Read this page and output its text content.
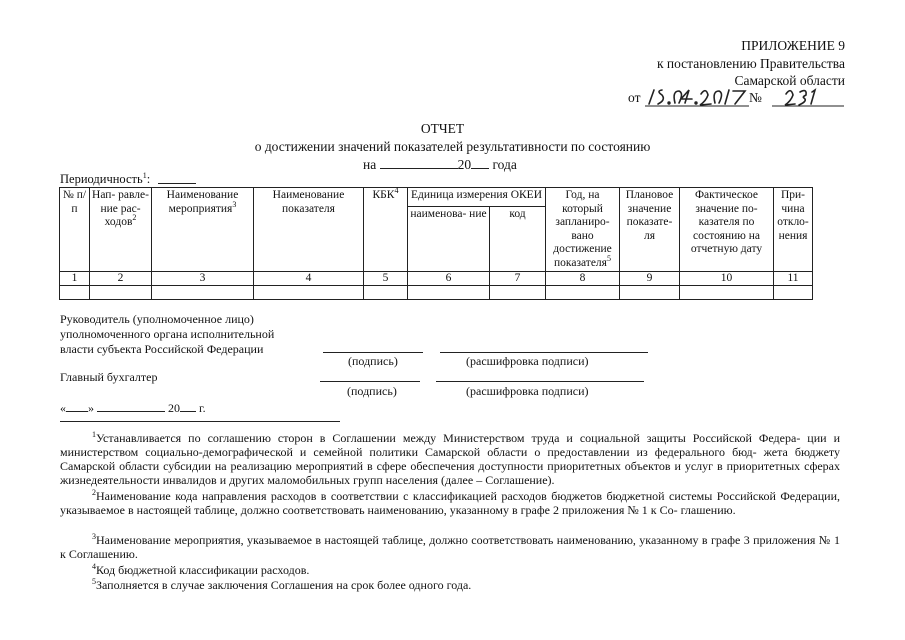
ПРИЛОЖЕНИЕ 9
к постановлению Правительства
Самарской области
от	№
ОТЧЕТ
о достижении значений показателей результативности по состоянию
на	20 года
Периодичность$^1$:
№ п/п	Нап- равле- ние рас- ходов$^2$	Наименование мероприятия$^3$	Наименование показателя	КБК$^4$	Единица измерения ОКЕИ		Год, на который запланиро- вано достижение показателя$^5$	Плановое значение показате- ля	Фактическое значение по- казателя по состоянию на отчетную дату	При- чина откло- нения
					наименова- ние	код				
1	2	3	4	5	6	7	8	9	10	11

Руководитель (уполномоченное лицо)
уполномоченного органа исполнительной
власти субъекта Российской Федерации
(подпись)	(расшифровка подписи)
Главный бухгалтер
(подпись)	(расшифровка подписи)
« »	20 г.
$^1$Устанавливается по соглашению сторон в Соглашении между Министерством труда и социальной защиты Российской Федера- ции и министерством социально-демографической и семейной политики Самарской области о предоставлении из федерального бюд- жета бюджету Самарской области субсидии на реализацию мероприятий в сфере обеспечения доступности приоритетных объектов и услуг в приоритетных сферах жизнедеятельности инвалидов и других маломобильных групп населения (далее – Соглашение).
$^2$Наименование кода направления расходов в соответствии с классификацией расходов бюджетов бюджетной системы Российской Федерации, указываемое в настоящей таблице, должно соответствовать наименованию, указанному в графе 2 приложения № 1 к Со- глашению.
$^3$Наименование мероприятия, указываемое в настоящей таблице, должно соответствовать наименованию, указанному в графе 3 приложения № 1 к Соглашению.
$^4$Код бюджетной классификации расходов.
$^5$Заполняется в случае заключения Соглашения на срок более одного года.
